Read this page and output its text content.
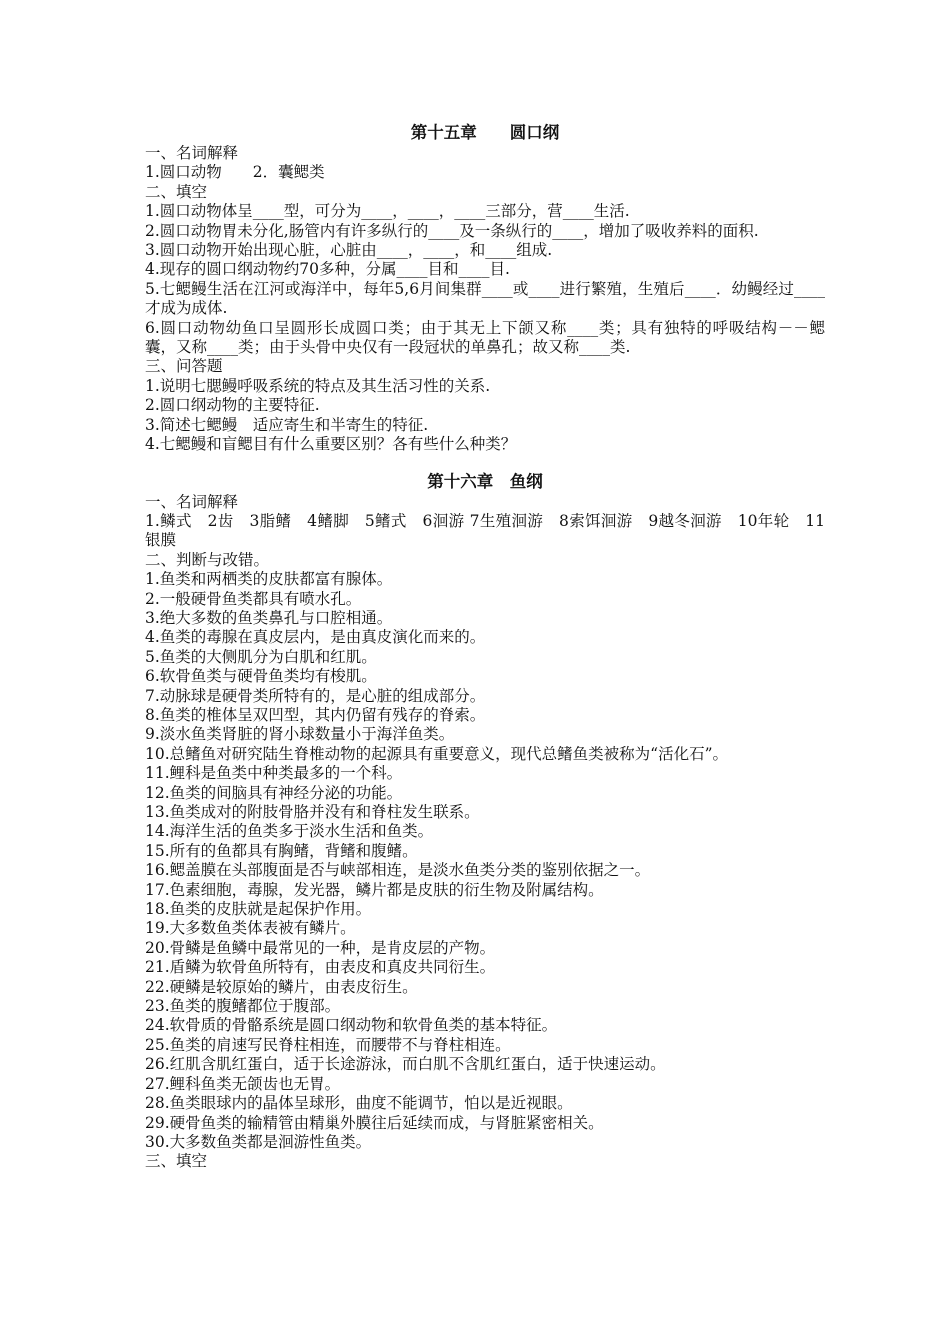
第十五章　　圆口纲

一、名词解释

1.圆口动物　　2．囊鳃类

二、填空

1.圆口动物体呈____型，可分为____，____，____三部分，营____生活.

2.圆口动物胃未分化,肠管内有许多纵行的____及一条纵行的____，增加了吸收养料的面积.

3.圆口动物开始出现心脏，心脏由____，____，和____组成.

4.现存的圆口纲动物约70多种，分属____目和____目.

5.七鳃鳗生活在江河或海洋中，每年5,6月间集群____或____进行繁殖，生殖后____．幼鳗经过____才成为成体.

6.圆口动物幼鱼口呈圆形长成圆口类；由于其无上下颌又称____类；具有独特的呼吸结构－－鳃囊，又称____类；由于头骨中央仅有一段冠状的单鼻孔；故又称____类.

三、问答题

1.说明七腮鳗呼吸系统的特点及其生活习性的关系.

2.圆口纲动物的主要特征.

3.简述七鳃鳗　适应寄生和半寄生的特征.

4.七鳃鳗和盲鳃目有什么重要区别？各有些什么种类？

第十六章　鱼纲

一、名词解释

1.鳞式　2齿　3脂鳍　4鳍脚　5鳍式　6洄游 7生殖洄游　8索饵洄游　9越冬洄游　10年轮　11银膜

二、判断与改错。

1.鱼类和两栖类的皮肤都富有腺体。

2.一般硬骨鱼类都具有喷水孔。

3.绝大多数的鱼类鼻孔与口腔相通。

4.鱼类的毒腺在真皮层内，是由真皮演化而来的。

5.鱼类的大侧肌分为白肌和红肌。

6.软骨鱼类与硬骨鱼类均有梭肌。

7.动脉球是硬骨类所特有的，是心脏的组成部分。

8.鱼类的椎体呈双凹型，其内仍留有残存的脊索。

9.淡水鱼类肾脏的肾小球数量小于海洋鱼类。

10.总鳍鱼对研究陆生脊椎动物的起源具有重要意义，现代总鳍鱼类被称为“活化石”。

11.鲤科是鱼类中种类最多的一个科。

12.鱼类的间脑具有神经分泌的功能。

13.鱼类成对的附肢骨胳并没有和脊柱发生联系。

14.海洋生活的鱼类多于淡水生活和鱼类。

15.所有的鱼都具有胸鳍，背鳍和腹鳍。

16.鳃盖膜在头部腹面是否与峡部相连，是淡水鱼类分类的鉴别依据之一。

17.色素细胞，毒腺，发光器，鳞片都是皮肤的衍生物及附属结构。

18.鱼类的皮肤就是起保护作用。

19.大多数鱼类体表被有鳞片。

20.骨鳞是鱼鳞中最常见的一种，是肯皮层的产物。

21.盾鳞为软骨鱼所特有，由表皮和真皮共同衍生。

22.硬鳞是较原始的鳞片，由表皮衍生。

23.鱼类的腹鳍都位于腹部。

24.软骨质的骨骼系统是圆口纲动物和软骨鱼类的基本特征。

25.鱼类的肩速写民脊柱相连，而腰带不与脊柱相连。

26.红肌含肌红蛋白，适于长途游泳，而白肌不含肌红蛋白，适于快速运动。

27.鲤科鱼类无颌齿也无胃。

28.鱼类眼球内的晶体呈球形，曲度不能调节，怕以是近视眼。

29.硬骨鱼类的输精管由精巢外膜往后延续而成，与肾脏紧密相关。

30.大多数鱼类都是洄游性鱼类。

三、填空
